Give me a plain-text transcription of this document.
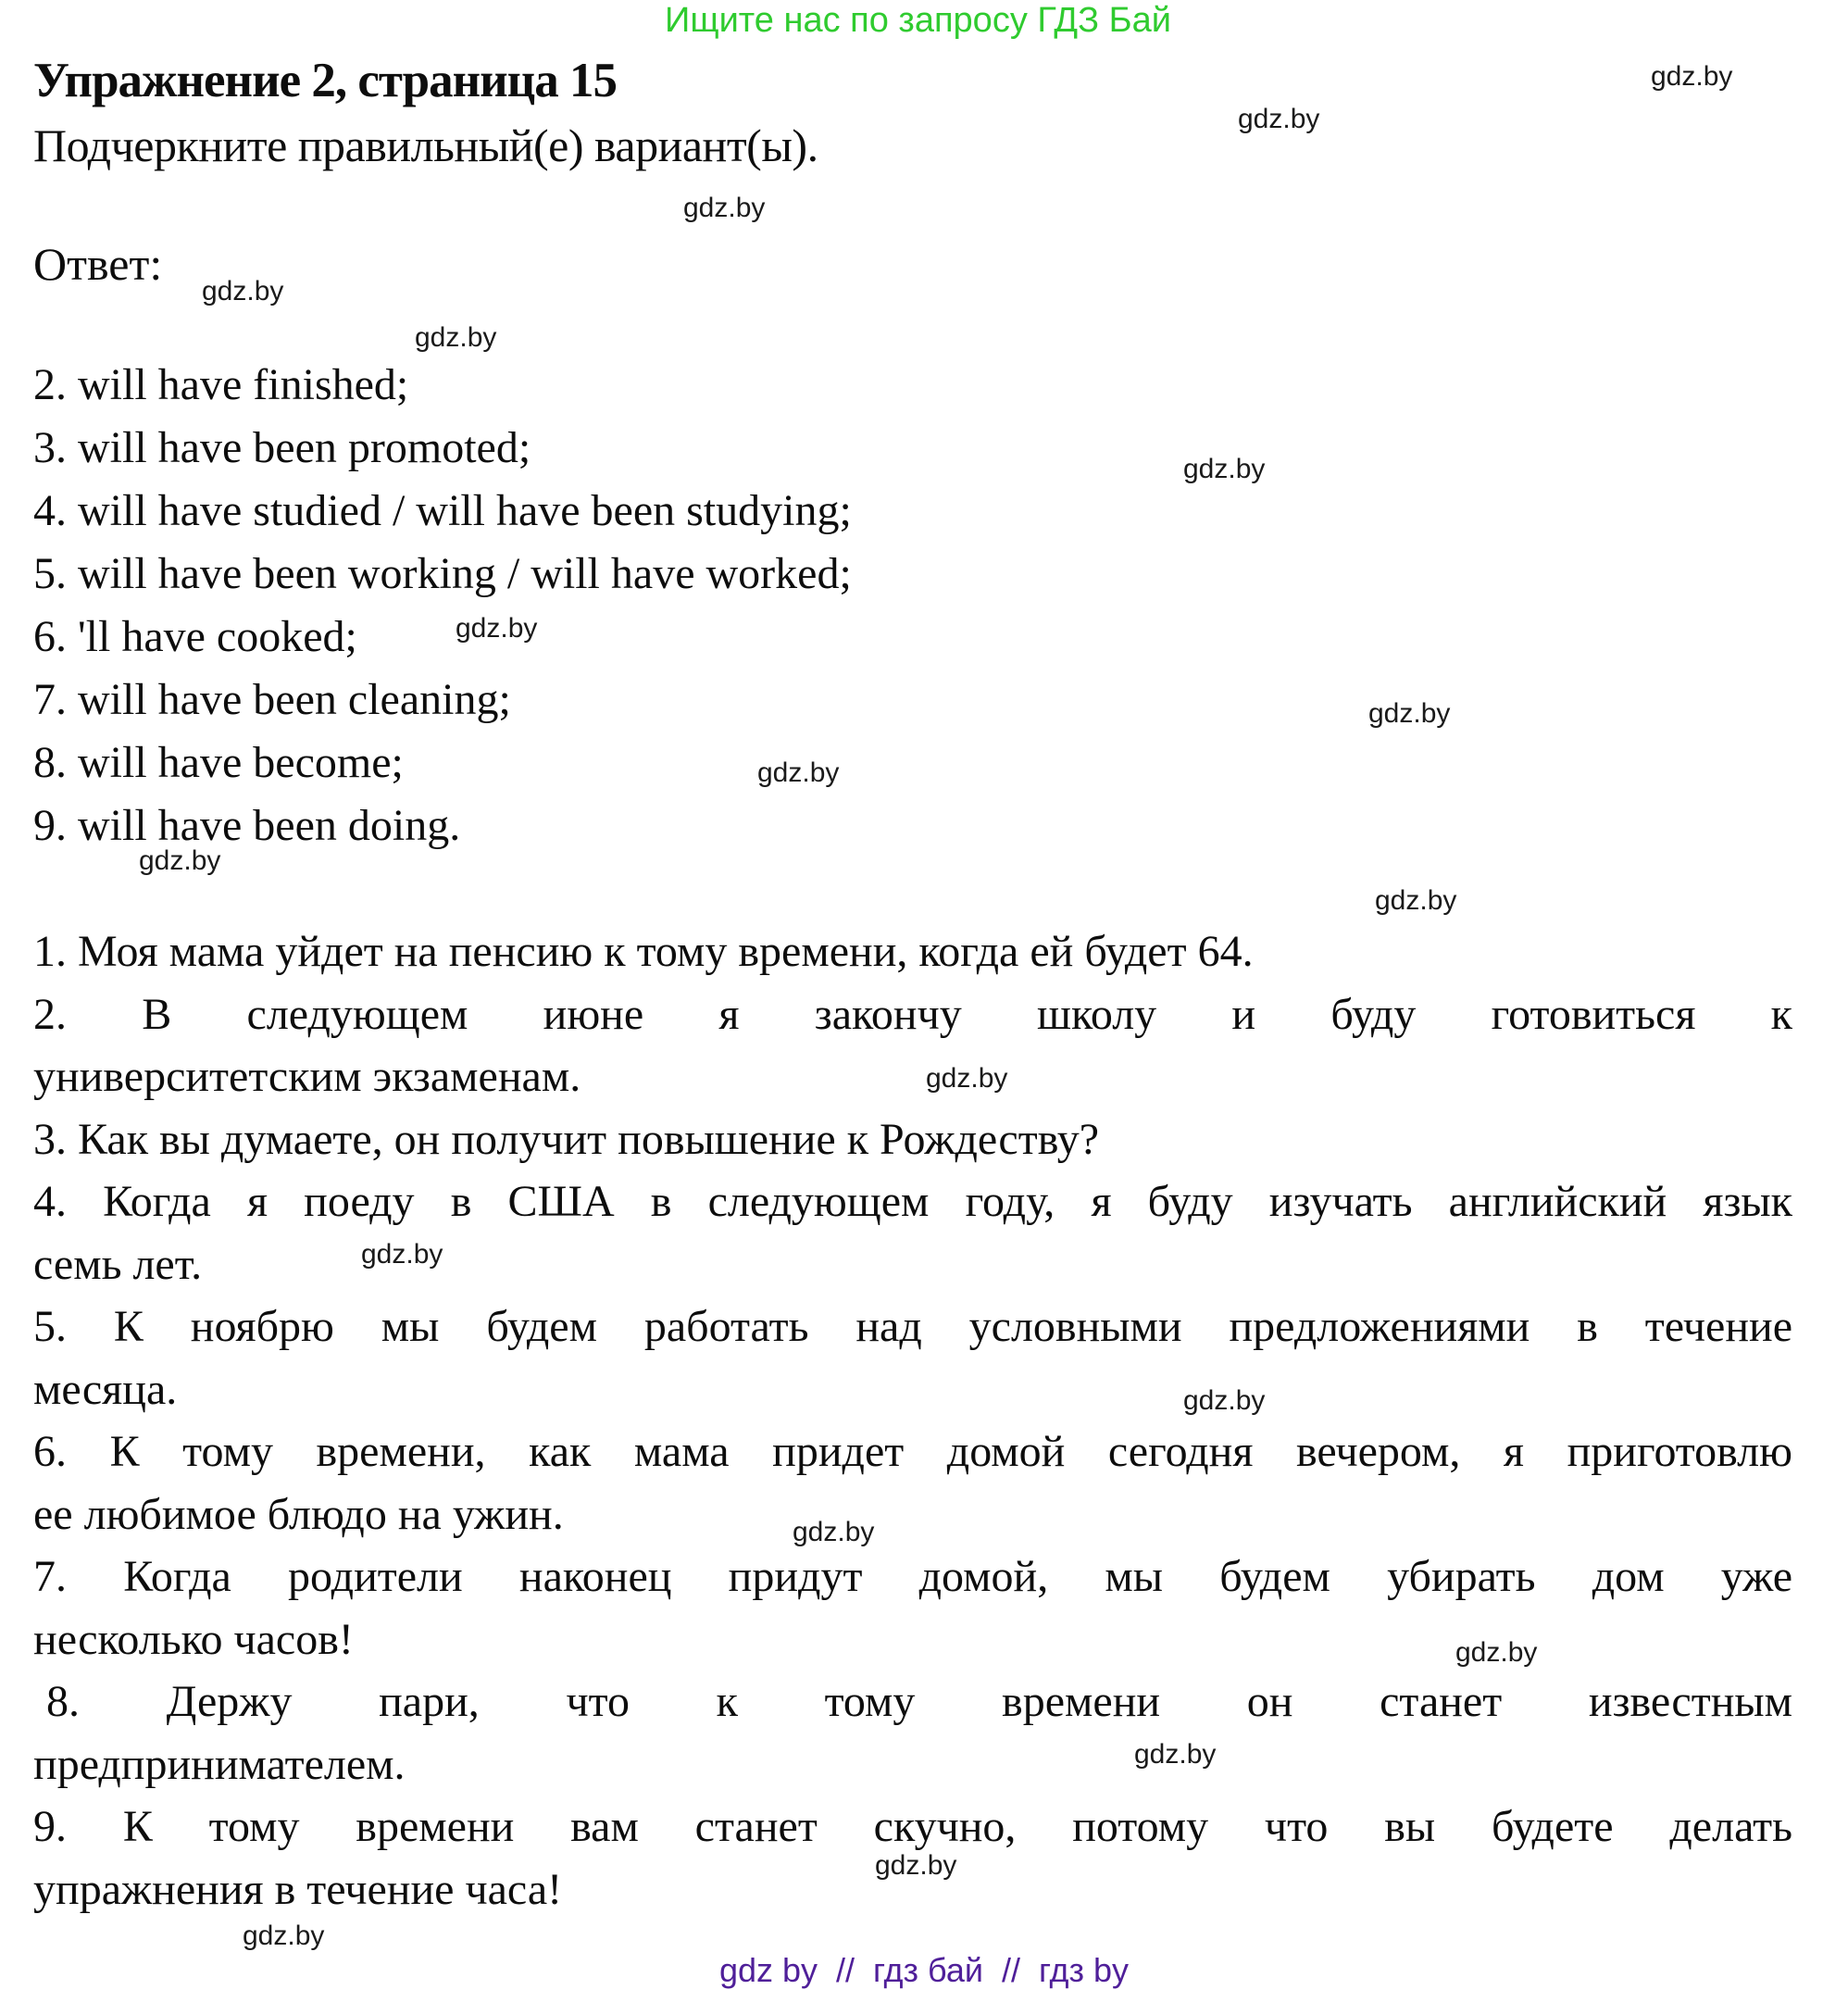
Ищите нас по запросу ГДЗ Бай
gdz.by
gdz.by
gdz.by
gdz.by
gdz.by
gdz.by
gdz.by
gdz.by
gdz.by
gdz.by
gdz.by
gdz.by
gdz.by
gdz.by
gdz.by
gdz.by
gdz.by
gdz.by
gdz.by
Упражнение 2, страница 15
Подчеркните правильный(е) вариант(ы).
Ответ:
2. will have finished;
3. will have been promoted;
4. will have studied / will have been studying;
5. will have been working / will have worked;
6. 'll have cooked;
7. will have been cleaning;
8. will have become;
9. will have been doing.
1. Моя мама уйдет на пенсию к тому времени, когда ей будет 64.
2. В следующем июне я закончу школу и буду готовиться к
университетским экзаменам.
3. Как вы думаете, он получит повышение к Рождеству?
4. Когда я поеду в США в следующем году, я буду изучать английский язык
семь лет.
5. К ноябрю мы будем работать над условными предложениями в течение
месяца.
6. К тому времени, как мама придет домой сегодня вечером, я приготовлю
ее любимое блюдо на ужин.
7. Когда родители наконец придут домой, мы будем убирать дом уже
несколько часов!
8. Держу пари, что к тому времени он станет известным
предпринимателем.
9. К тому времени вам станет скучно, потому что вы будете делать
упражнения в течение часа!
gdz by  //  гдз бай  //  гдз by
